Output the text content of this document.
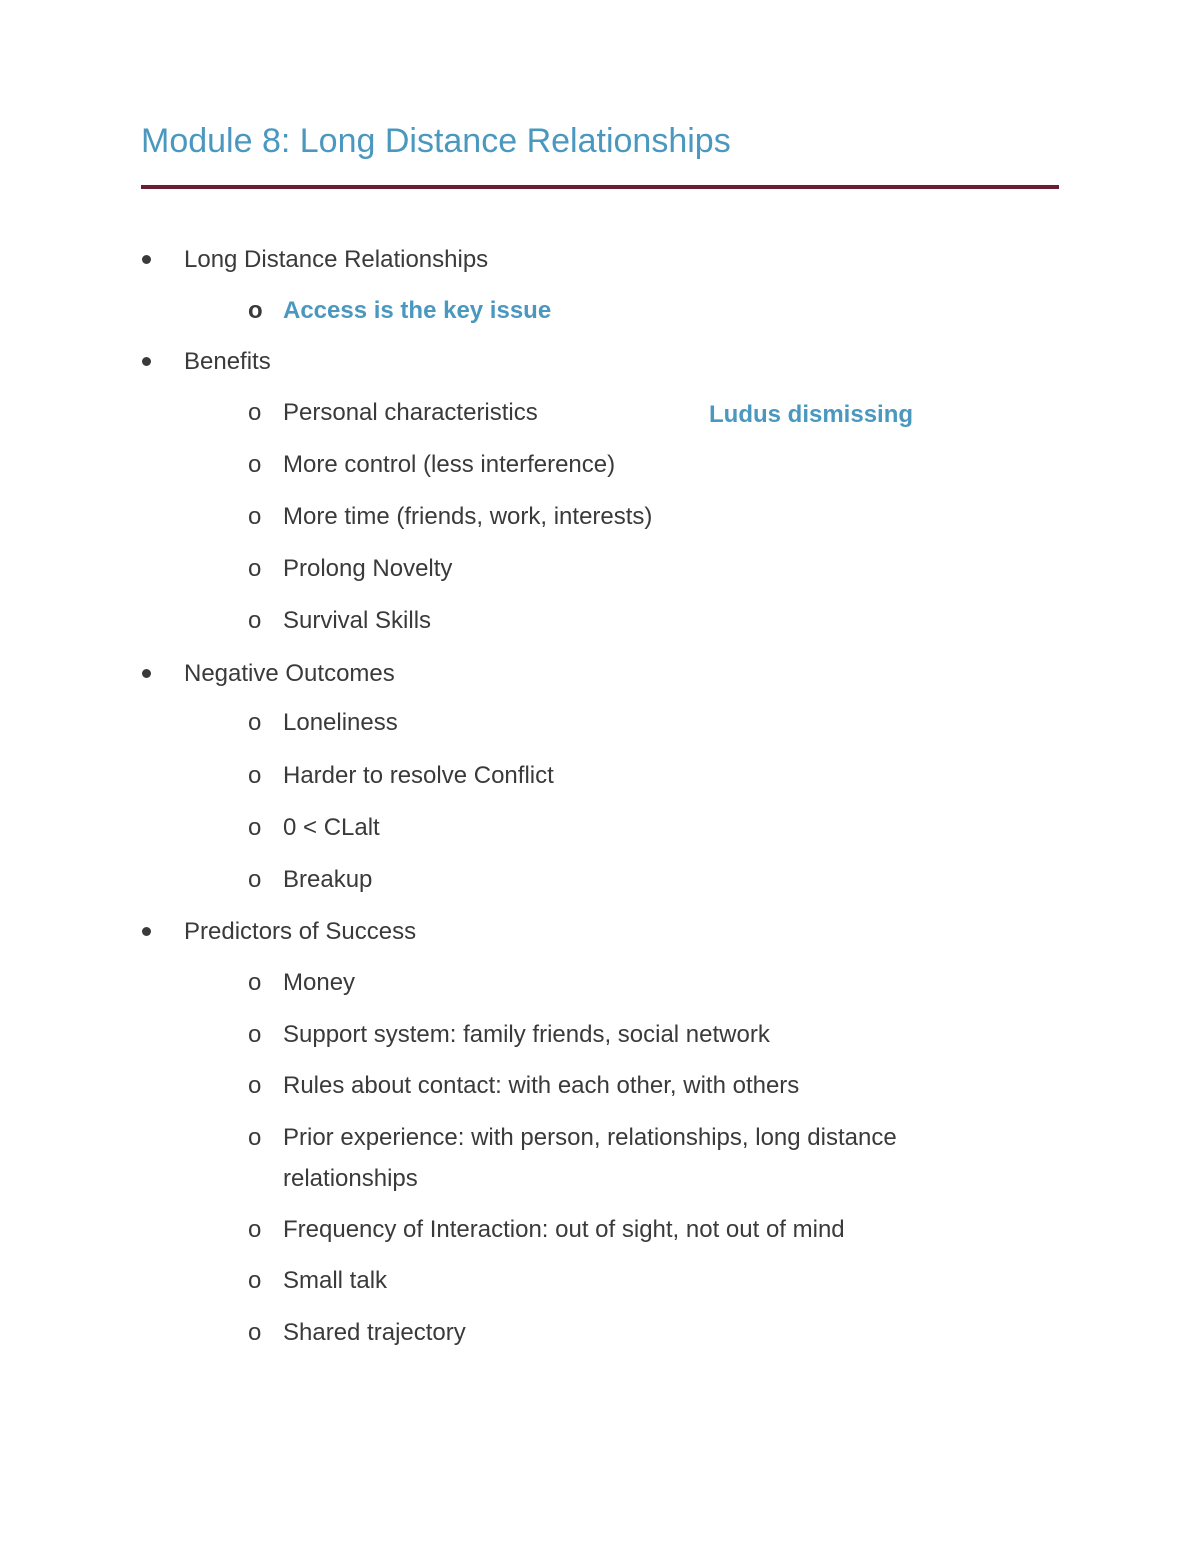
Module 8: Long Distance Relationships
Long Distance Relationships
o Access is the key issue
Benefits
o Personal characteristics	Ludus dismissing
o More control (less interference)
o More time (friends, work, interests)
o Prolong Novelty
o Survival Skills
Negative Outcomes
o Loneliness
o Harder to resolve Conflict
o 0 < CLalt
o Breakup
Predictors of Success
o Money
o Support system: family friends, social network
o Rules about contact: with each other, with others
o Prior experience: with person, relationships, long distance
relationships
o Frequency of Interaction: out of sight, not out of mind
o Small talk
o Shared trajectory
